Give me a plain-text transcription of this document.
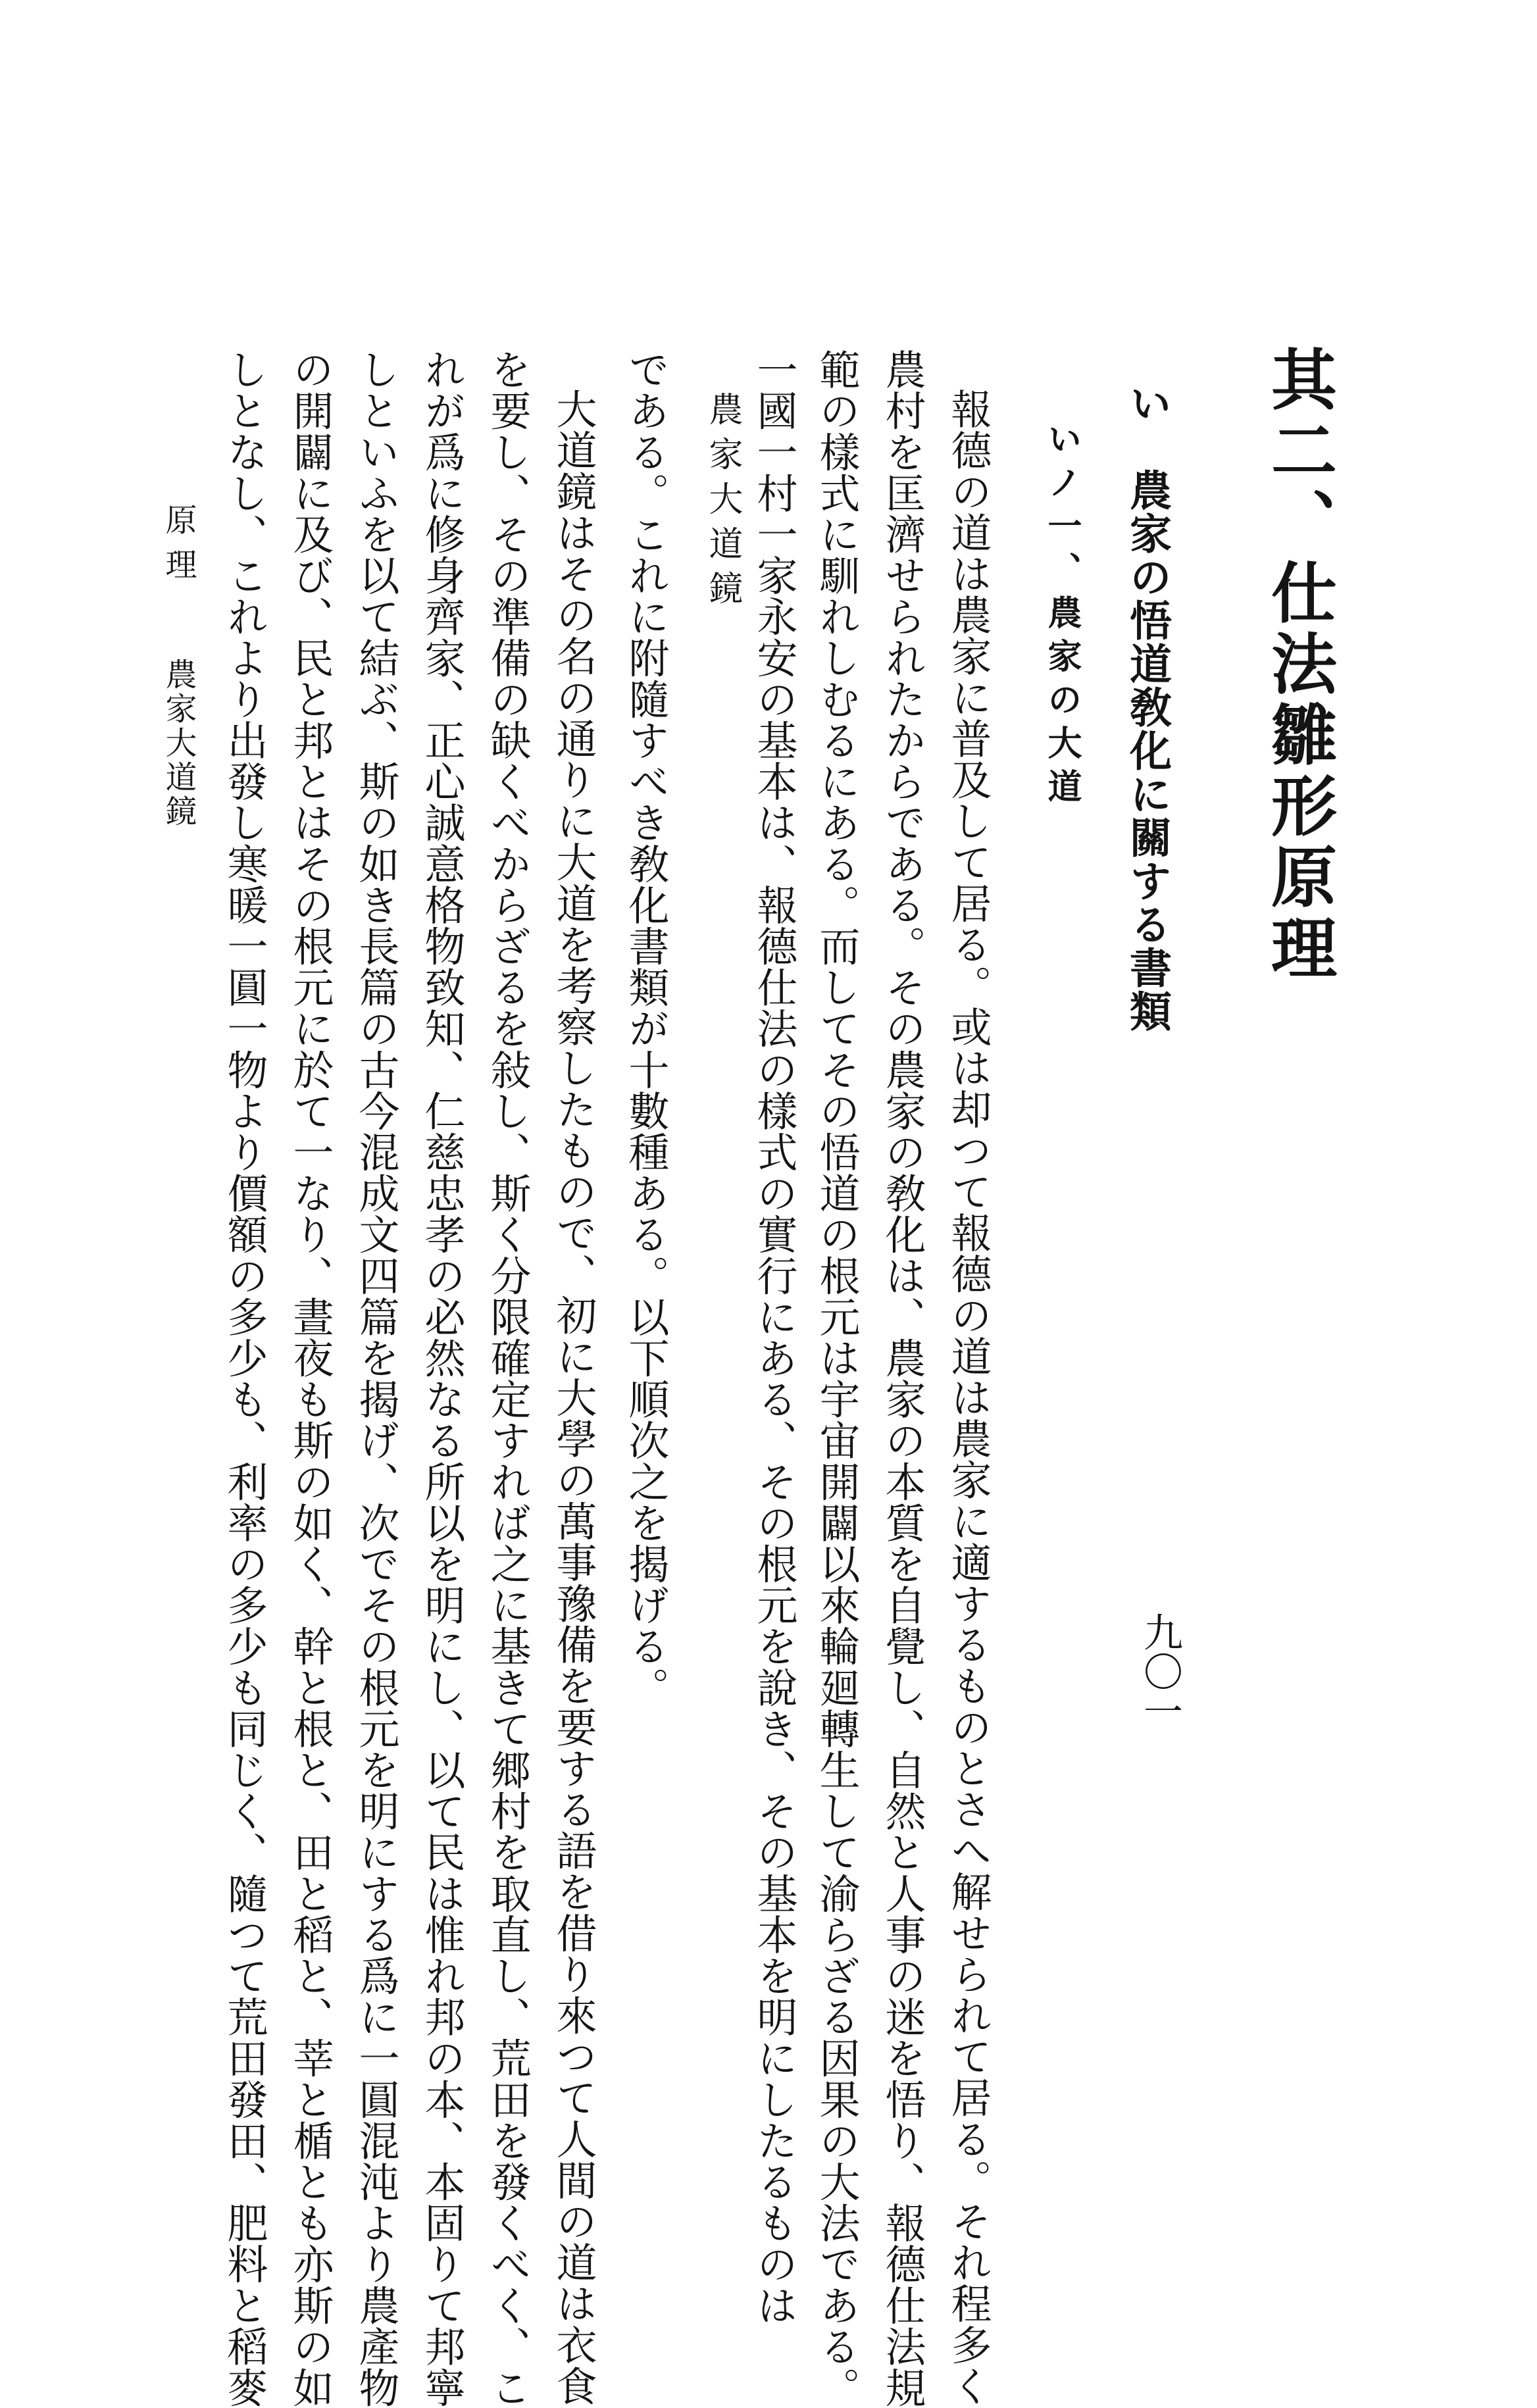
其二、仕法雛形原理
い　農家の悟道敎化に關する書類
いノ一、農家の大道
報德の道は農家に普及して居る。或は却つて報德の道は農家に適するものとさへ解せられて居る。それ程多く
農村を匡濟せられたからである。その農家の敎化は、農家の本質を自覺し、自然と人事の迷を悟り、報德仕法規
範の樣式に馴れしむるにある。而してその悟道の根元は宇宙開闢以來輪廻轉生して渝らざる因果の大法である。
一國一村一家永安の基本は、報德仕法の樣式の實行にある、その根元を說き、その基本を明にしたるものは
農家大道鏡
である。これに附隨すべき敎化書類が十數種ある。以下順次之を揭げる。
大道鏡はその名の通りに大道を考察したもので、初に大學の萬事豫備を要する語を借り來つて人間の道は衣食
を要し、その準備の缺くべからざるを敍し、斯く分限確定すれば之に基きて郷村を取直し、荒田を發くべく、こ
れが爲に修身齊家、正心誠意格物致知、仁慈忠孝の必然なる所以を明にし、以て民は惟れ邦の本、本固りて邦寧
しといふを以て結ぶ、斯の如き長篇の古今混成文四篇を揭げ、次でその根元を明にする爲に一圓混沌より農產物
の開闢に及び、民と邦とはその根元に於て一なり、晝夜も斯の如く、幹と根と、田と稻と、莘と楯とも亦斯の如
しとなし、これより出發し寒暖一圓一物より價額の多少も、利率の多少も同じく、隨つて荒田發田、肥料と稻麥
原理
農家大道鏡
九〇一
